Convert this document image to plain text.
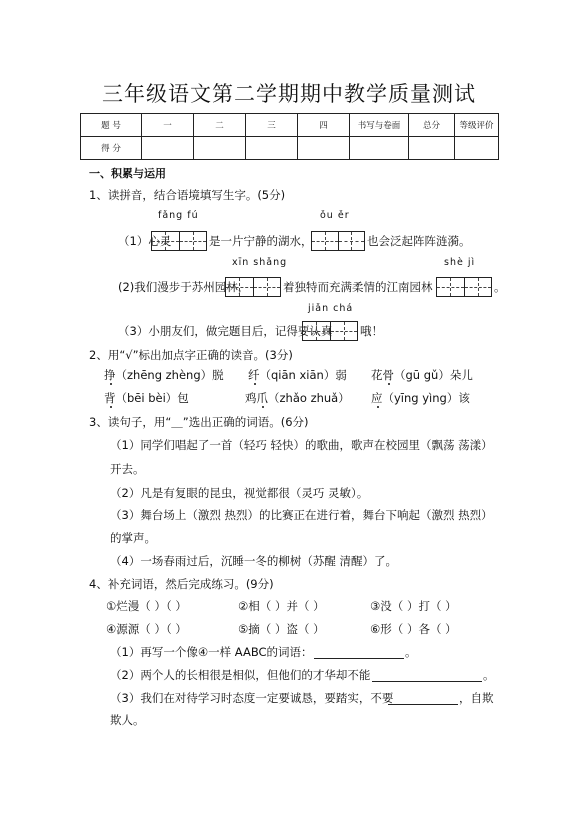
三年级语文第二学期期中教学质量测试
题 号	一	二	三	四	书写与卷面	总分	等级评价
得 分							
一、积累与运用
1、读拼音，结合语境填写生字。(5分)
fǎng fú	ǒu ěr
（1）心灵	是一片宁静的湖水，	也会泛起阵阵涟漪。
xīn shǎng	shè jì
(2)我们漫步于苏州园林，	着独特而充满柔情的江南园林	。
jiǎn chá
（3）小朋友们，做完题目后，记得要认真 哦！
2、用“√”标出加点字正确的读音。(3分)
挣（zhēng zhèng）脱 纤（qiān xiān）弱 花骨（gū gǔ）朵儿
背（bēi bèi）包	鸡爪（zhǎo zhuǎ） 应（yīng yìng）该
3、读句子，用“＿”选出正确的词语。(6分)
（1）同学们唱起了一首（轻巧 轻快）的歌曲，歌声在校园里（飘荡 荡漾）
开去。
（2）凡是有复眼的昆虫，视觉都很（灵巧 灵敏）。
（3）舞台场上（激烈 热烈）的比赛正在进行着，舞台下响起（激烈 热烈）
的掌声。
（4）一场春雨过后，沉睡一冬的柳树（苏醒 清醒）了。
4、补充词语，然后完成练习。(9分)
①烂漫（ ）（ ）	②相（ ）并（ ）	③没（ ）打（ ）
④源源（ ）（ ）	⑤摘（ ）盗（ ）	⑥形（ ）各（ ）
（1）再写一个像④一样 AABC的词语：	。
（2）两个人的长相很是相似，但他们的才华却不能	。
（3）我们在对待学习时态度一定要诚恳，要踏实，不要	，自欺
欺人。
